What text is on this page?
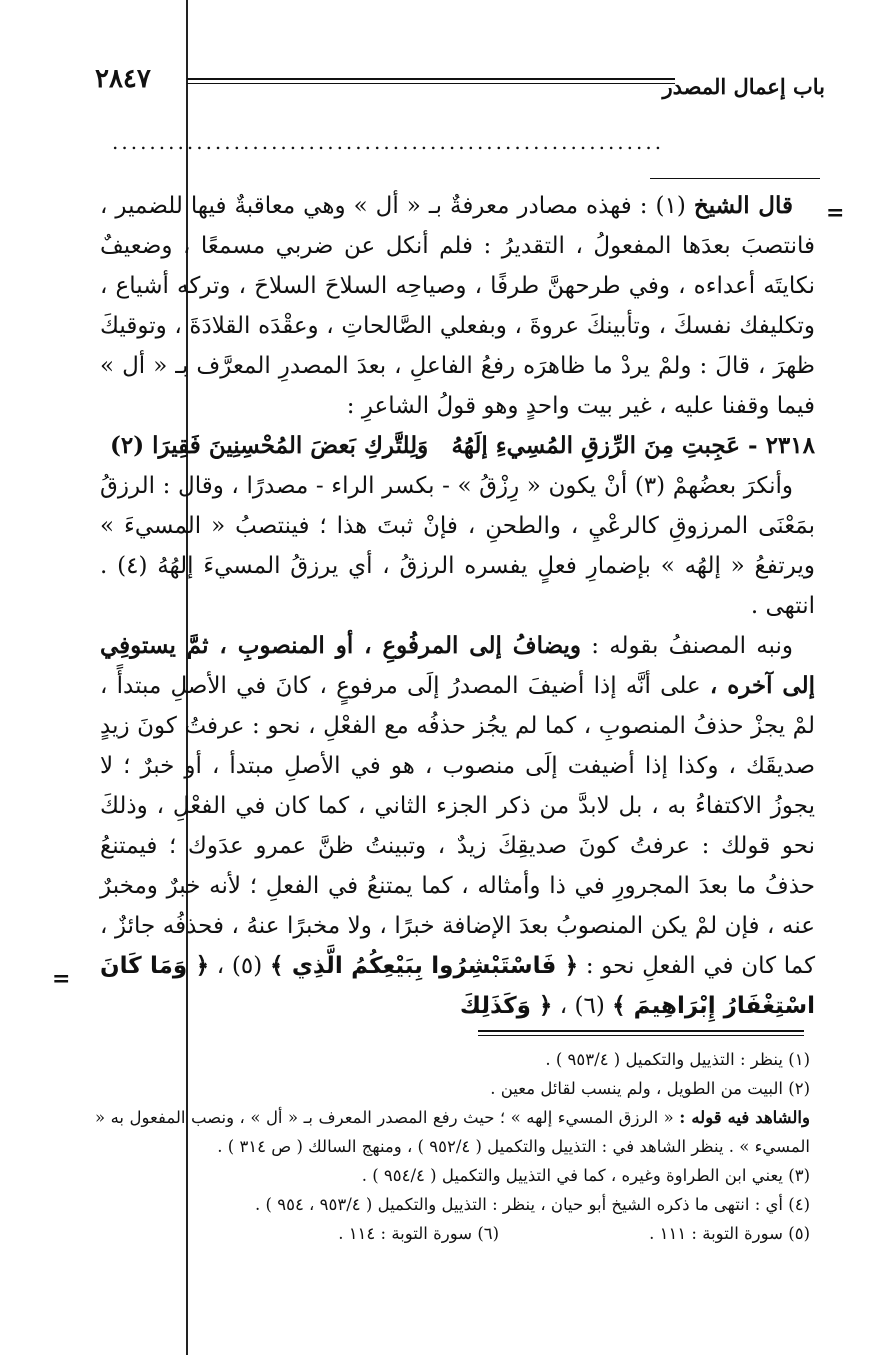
باب إعمال المصدر
٢٨٤٧
...........................................................
=

قال الشيخ (١) : فهذه مصادر معرفةٌ بـ « أل » وهي معاقبةٌ فيها للضمير ، فانتصبَ بعدَها المفعولُ ، التقديرُ : فلم أنكل عن ضربي مسمعًا ، وضعيفٌ نكايتَه أعداءه ، وفي طرحهنَّ طرفًا ، وصياحِه السلاحَ السلاحَ ، وتركه أشياع ، وتكليفك نفسكَ ، وتأبينكَ عروةَ ، وبفعلي الصَّالحاتِ ، وعقْدَه القلادَةَ ، وتوقيكَ ظهرَ ، قالَ : ولمْ يردْ ما ظاهرَه رفعُ الفاعلِ ، بعدَ المصدرِ المعرَّف بـ « أل » فيما وقفنا عليه ، غير بيت واحدٍ وهو قولُ الشاعرِ :

٢٣١٨ - عَجِبتِ مِنَ الرِّزقِ المُسِيءِ إلَهُهُ
وَلِلتَّركِ بَعضَ المُحْسِنِينَ فَقِيرَا (٢)

وأنكرَ بعضُهمْ (٣) أنْ يكون « رِزْقُ » - بكسر الراء - مصدرًا ، وقال : الرزقُ بمَعْنَى المرزوقِ كالرعْيِ ، والطحنِ ، فإنْ ثبتَ هذا ؛ فينتصبُ « المسيءَ » ويرتفعُ « إلهُه » بإضمارِ فعلٍ يفسره الرزقُ ، أي يرزقُ المسيءَ إلهُهُ (٤) . انتهى .

ونبه المصنفُ بقوله : ويضافُ إلى المرفُوعِ ، أو المنصوبِ ، ثمَّ يستوفِي إلى آخره ، على أنَّه إذا أضيفَ المصدرُ إلَى مرفوعٍ ، كانَ في الأصلِ مبتدأً ، لمْ يجزْ حذفُ المنصوبِ ، كما لم يجُز حذفُه مع الفعْلِ ، نحو : عرفتُ كونَ زيدٍ صديقَك ، وكذا إذا أضيفت إلَى منصوب ، هو في الأصلِ مبتدأ ، أو خبرٌ ؛ لا يجوزُ الاكتفاءُ به ، بل لابدَّ من ذكر الجزء الثاني ، كما كان في الفعْلِ ، وذلكَ نحو قولك : عرفتُ كونَ صديقِكَ زيدٌ ، وتبينتُ ظنَّ عمرو عدَوك ؛ فيمتنعُ حذفُ ما بعدَ المجرورِ في ذا وأمثاله ، كما يمتنعُ في الفعلِ ؛ لأنه خبرٌ ومخبرٌ عنه ، فإن لمْ يكن المنصوبُ بعدَ الإضافة خبرًا ، ولا مخبرًا عنهُ ، فحذفُه جائزٌ ، كما كان في الفعلِ نحو : ﴿ فَاسْتَبْشِرُوا بِبَيْعِكُمُ الَّذِي ﴾ (٥) ، ﴿ وَمَا كَانَ اسْتِغْفَارُ إِبْرَاهِيمَ ﴾ (٦) ، ﴿ وَكَذَلِكَ

=

(١) ينظر : التذييل والتكميل ( ٩٥٣/٤ ) .

(٢) البيت من الطويل ، ولم ينسب لقائل معين .

والشاهد فيه قوله : « الرزق المسيء إلهه » ؛ حيث رفع المصدر المعرف بـ « أل » ، ونصب المفعول به « المسيء » . ينظر الشاهد في : التذييل والتكميل ( ٩٥٢/٤ ) ، ومنهج السالك ( ص ٣١٤ ) .

(٣) يعني ابن الطراوة وغيره ، كما في التذييل والتكميل ( ٩٥٤/٤ ) .

(٤) أي : انتهى ما ذكره الشيخ أبو حيان ، ينظر : التذييل والتكميل ( ٩٥٣/٤ ، ٩٥٤ ) .

(٥) سورة التوبة : ١١١ .
(٦) سورة التوبة : ١١٤ .
